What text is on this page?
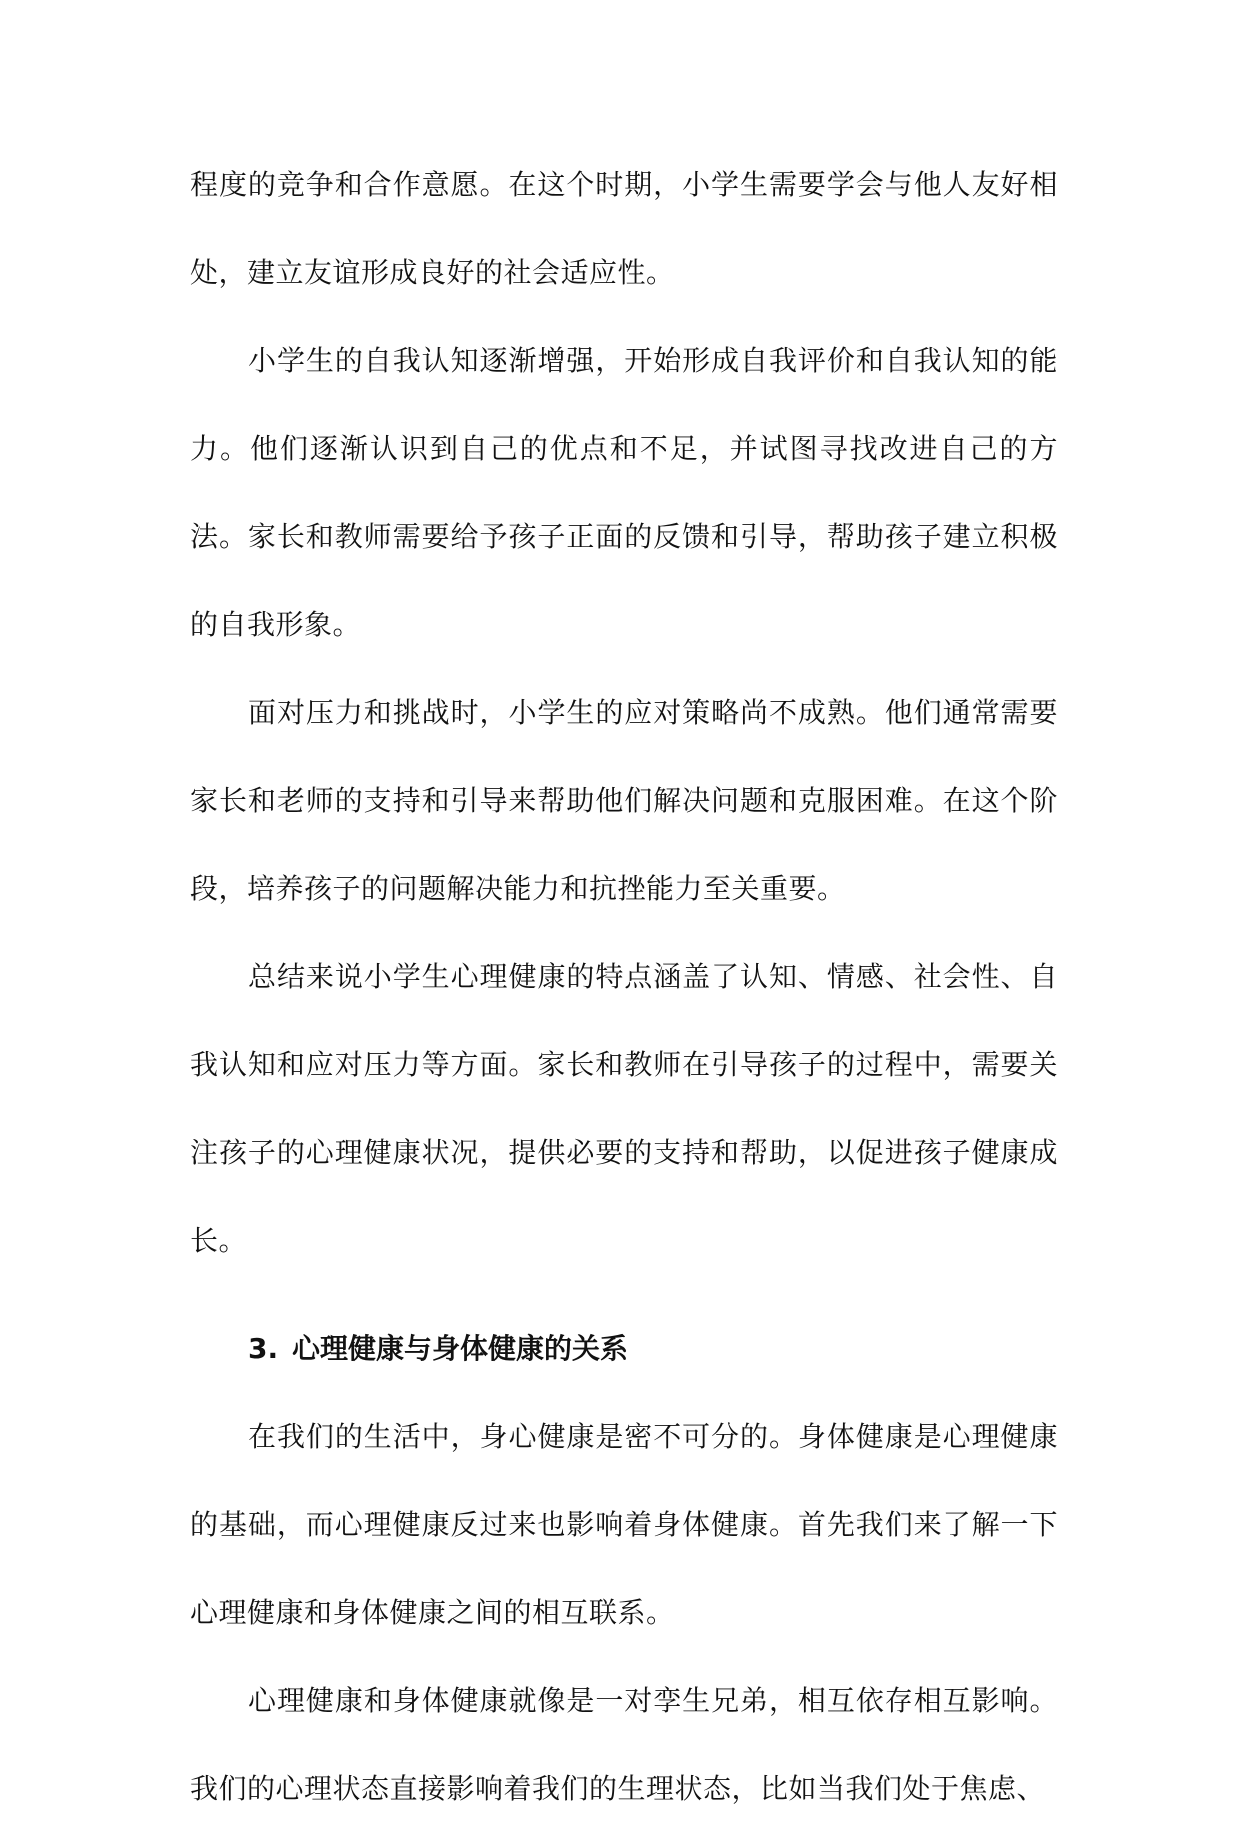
程度的竞争和合作意愿。在这个时期，小学生需要学会与他人友好相处，建立友谊形成良好的社会适应性。

小学生的自我认知逐渐增强，开始形成自我评价和自我认知的能力。他们逐渐认识到自己的优点和不足，并试图寻找改进自己的方法。家长和教师需要给予孩子正面的反馈和引导，帮助孩子建立积极的自我形象。

面对压力和挑战时，小学生的应对策略尚不成熟。他们通常需要家长和老师的支持和引导来帮助他们解决问题和克服困难。在这个阶段，培养孩子的问题解决能力和抗挫能力至关重要。

总结来说小学生心理健康的特点涵盖了认知、情感、社会性、自我认知和应对压力等方面。家长和教师在引导孩子的过程中，需要关注孩子的心理健康状况，提供必要的支持和帮助，以促进孩子健康成长。

3. 心理健康与身体健康的关系

在我们的生活中，身心健康是密不可分的。身体健康是心理健康的基础，而心理健康反过来也影响着身体健康。首先我们来了解一下心理健康和身体健康之间的相互联系。

心理健康和身体健康就像是一对孪生兄弟，相互依存相互影响。我们的心理状态直接影响着我们的生理状态，比如当我们处于焦虑、
